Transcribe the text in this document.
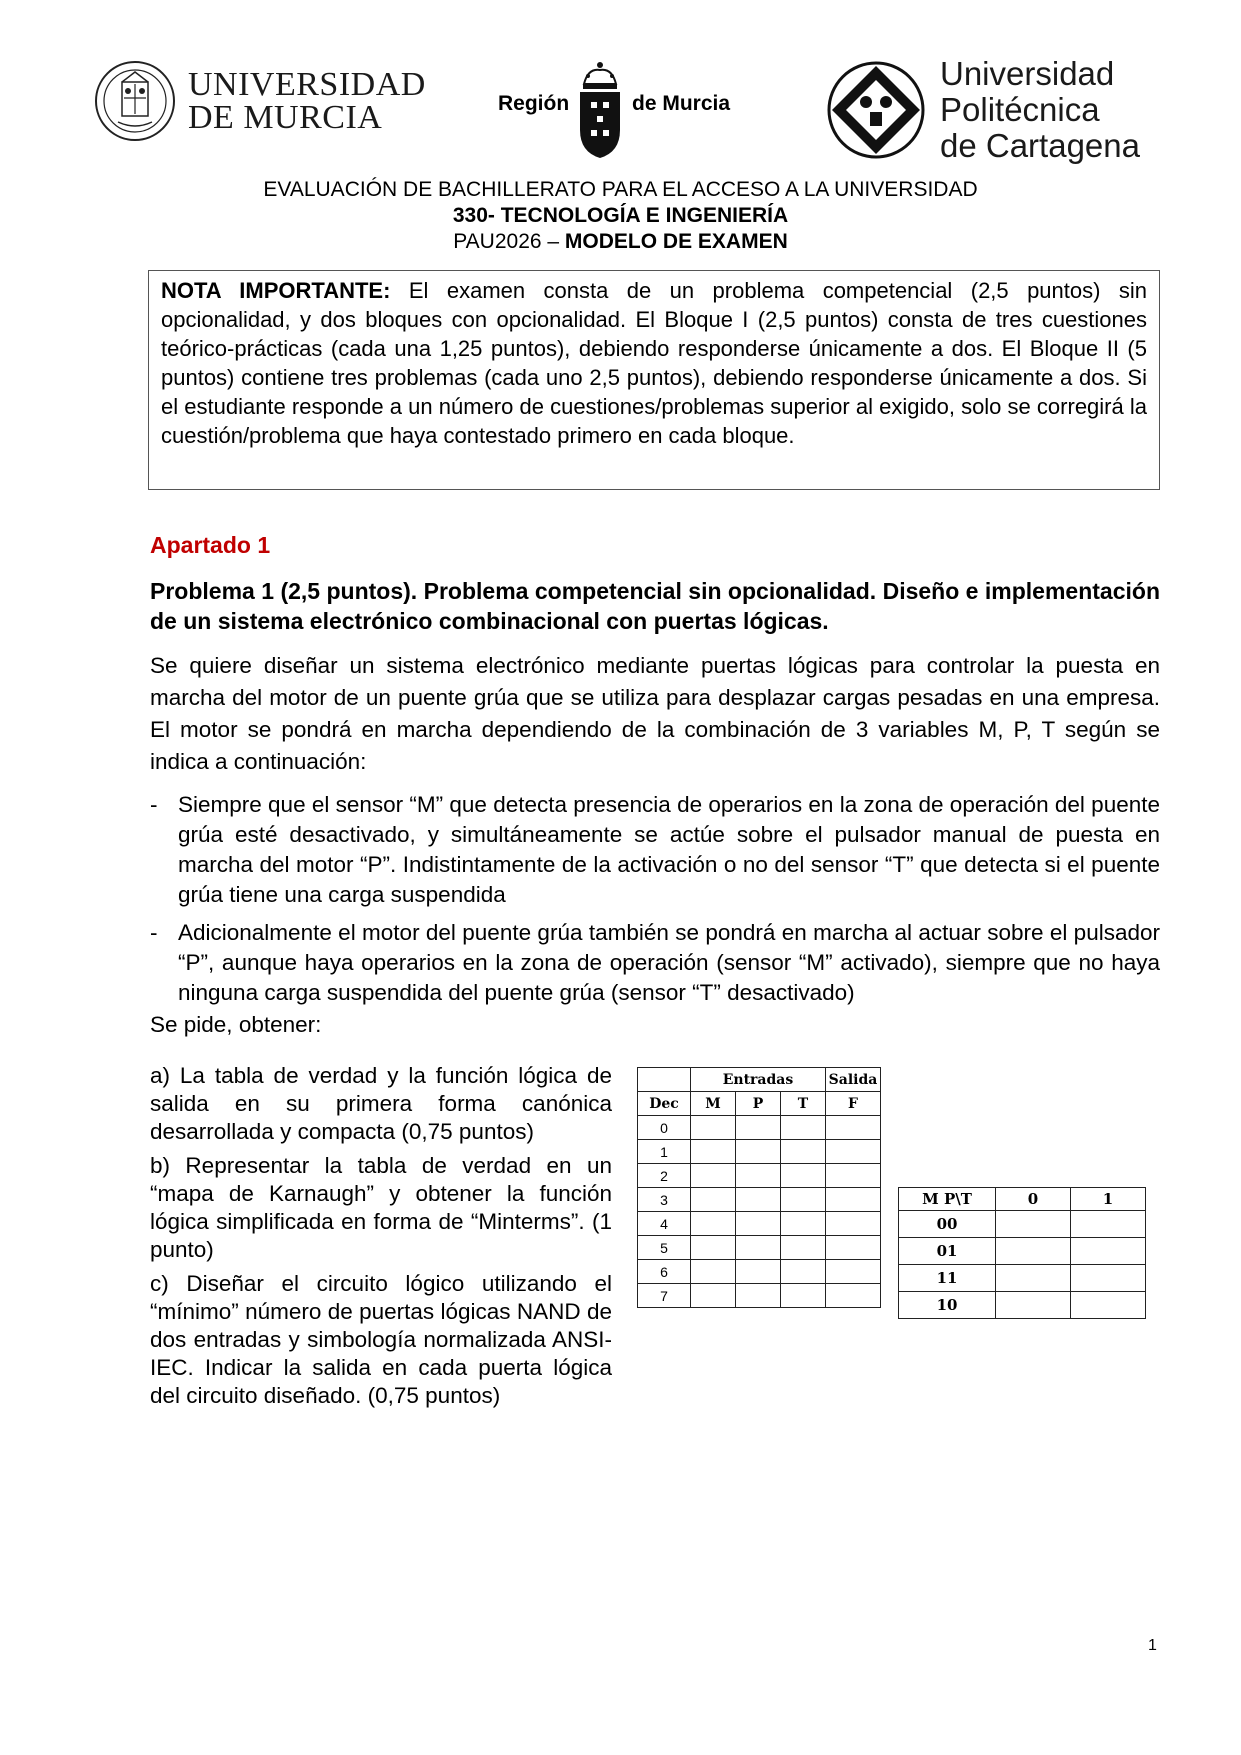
UNIVERSIDAD
DE MURCIA	Región	de Murcia
Universidad
Politécnica
de Cartagena
EVALUACIÓN DE BACHILLERATO PARA EL ACCESO A LA UNIVERSIDAD
330- TECNOLOGÍA E INGENIERÍA
PAU2026 – MODELO DE EXAMEN
NOTA IMPORTANTE: El examen consta de un problema competencial (2,5 puntos) sin opcionalidad, y dos bloques con opcionalidad. El Bloque I (2,5 puntos) consta de tres cuestiones teórico-prácticas (cada una 1,25 puntos), debiendo responderse únicamente a dos. El Bloque II (5 puntos) contiene tres problemas (cada uno 2,5 puntos), debiendo responderse únicamente a dos. Si el estudiante responde a un número de cuestiones/problemas superior al exigido, solo se corregirá la cuestión/problema que haya contestado primero en cada bloque.
Apartado 1
Problema 1 (2,5 puntos). Problema competencial sin opcionalidad. Diseño e implementación de un sistema electrónico combinacional con puertas lógicas.
Se quiere diseñar un sistema electrónico mediante puertas lógicas para controlar la puesta en marcha del motor de un puente grúa que se utiliza para desplazar cargas pesadas en una empresa. El motor se pondrá en marcha dependiendo de la combinación de 3 variables M, P, T según se indica a continuación:
- Siempre que el sensor “M” que detecta presencia de operarios en la zona de operación del puente grúa esté desactivado, y simultáneamente se actúe sobre el pulsador manual de puesta en marcha del motor “P”. Indistintamente de la activación o no del sensor “T” que detecta si el puente grúa tiene una carga suspendida
- Adicionalmente el motor del puente grúa también se pondrá en marcha al actuar sobre el pulsador “P”, aunque haya operarios en la zona de operación (sensor “M” activado), siempre que no haya ninguna carga suspendida del puente grúa (sensor “T” desactivado)
Se pide, obtener:
a) La tabla de verdad y la función lógica de salida en su primera forma canónica desarrollada y compacta (0,75 puntos)
b) Representar la tabla de verdad en un “mapa de Karnaugh” y obtener la función lógica simplificada en forma de “Minterms”. (1 punto)
c) Diseñar el circuito lógico utilizando el “mínimo” número de puertas lógicas NAND de dos entradas y simbología normalizada ANSI-IEC. Indicar la salida en cada puerta lógica del circuito diseñado. (0,75 puntos)
	Entradas			Salida
Dec	M	P	T	F
0				
1				
2				
3				
4				
5				
6				
7				
M P\T	0	1
00		
01		
11		
10		
1
